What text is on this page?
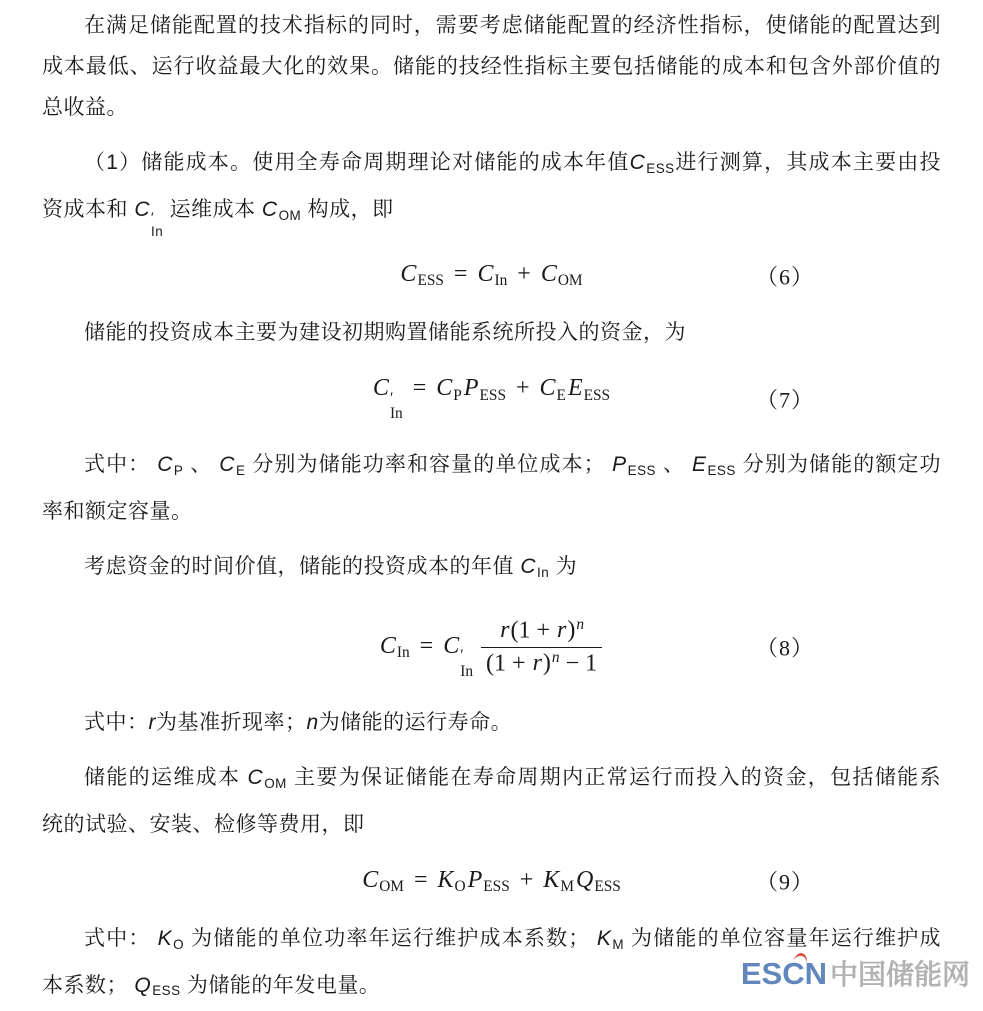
在满足储能配置的技术指标的同时，需要考虑储能配置的经济性指标，使储能的配置达到
成本最低、运行收益最大化的效果。储能的技经性指标主要包括储能的成本和包含外部价值的
总收益。
（1）储能成本。使用全寿命周期理论对储能的成本年值CESS进行测算，其成本主要由投
资成本和 C ′
In
运维成本 COM 构成，即
CESS = CIn + COM	（6）
储能的投资成本主要为建设初期购置储能系统所投入的资金，为
C ′
In
= CPPESS + CEEESS	（7）
式中： CP 、 CE 分别为储能功率和容量的单位成本； PESS 、 EESS 分别为储能的额定功
率和额定容量。
考虑资金的时间价值，储能的投资成本的年值 CIn 为
CIn = C ′
In $\frac{r(1 + r)^n}{(1 + r)^n - 1}$	（8）
式中：r为基准折现率；n为储能的运行寿命。
储能的运维成本 COM 主要为保证储能在寿命周期内正常运行而投入的资金，包括储能系
统的试验、安装、检修等费用，即
COM = KOPESS + KMQESS	（9）
式中： KO 为储能的单位功率年运行维护成本系数； KM 为储能的单位容量年运行维护成
本系数； QESS 为储能的年发电量。	ESC
N 中国储能网
